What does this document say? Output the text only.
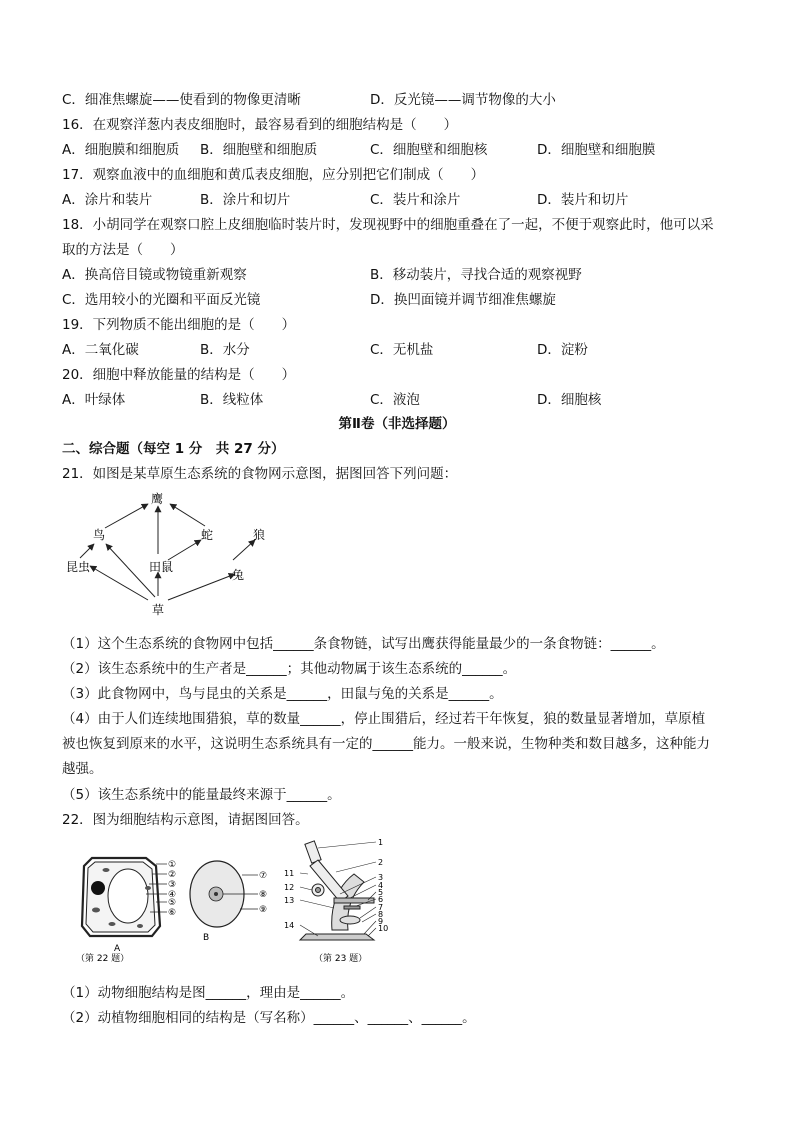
C．细准焦螺旋——使看到的物像更清晰	D．反光镜——调节物像的大小
16．在观察洋葱内表皮细胞时，最容易看到的细胞结构是（　　）
A．细胞膜和细胞质 B．细胞壁和细胞质	C．细胞壁和细胞核	D．细胞壁和细胞膜
17．观察血液中的血细胞和黄瓜表皮细胞，应分别把它们制成（　　）
A．涂片和装片	B．涂片和切片	C．装片和涂片	D．装片和切片
18．小胡同学在观察口腔上皮细胞临时装片时，发现视野中的细胞重叠在了一起，不便于观察此时，他可以采
取的方法是（　　）
A．换高倍目镜或物镜重新观察	B．移动装片，寻找合适的观察视野
C．选用较小的光圈和平面反光镜	D．换凹面镜并调节细准焦螺旋
19．下列物质不能出细胞的是（　　）
A．二氧化碳	B．水分	C．无机盐	D．淀粉
20．细胞中释放能量的结构是（　　）
A．叶绿体	B．线粒体	C．液泡	D．细胞核
第Ⅱ卷（非选择题）
二、综合题（每空 1 分　共 27 分）
21．如图是某草原生态系统的食物网示意图，据图回答下列问题：
鹰
鸟	蛇	狼
昆虫	田鼠
兔
草
（1）这个生态系统的食物网中包括______条食物链，试写出鹰获得能量最少的一条食物链：______。
（2）该生态系统中的生产者是______；其他动物属于该生态系统的______。
（3）此食物网中，鸟与昆虫的关系是______，田鼠与兔的关系是______。
（4）由于人们连续地围猎狼，草的数量______，停止围猎后，经过若干年恢复，狼的数量显著增加，草原植
被也恢复到原来的水平，这说明生态系统具有一定的______能力。一般来说，生物种类和数目越多，这种能力
越强。
（5）该生态系统中的能量最终来源于______。
22．图为细胞结构示意图，请据图回答。
①
②
③
④
⑤
⑥
A
⑦
⑧
⑨
B
（第 22 题）
1
2
3
4
5
6
7
8
9
10
11
12
13
14
（第 23 题）
（1）动物细胞结构是图______，理由是______。
（2）动植物细胞相同的结构是（写名称）______、______、______。
